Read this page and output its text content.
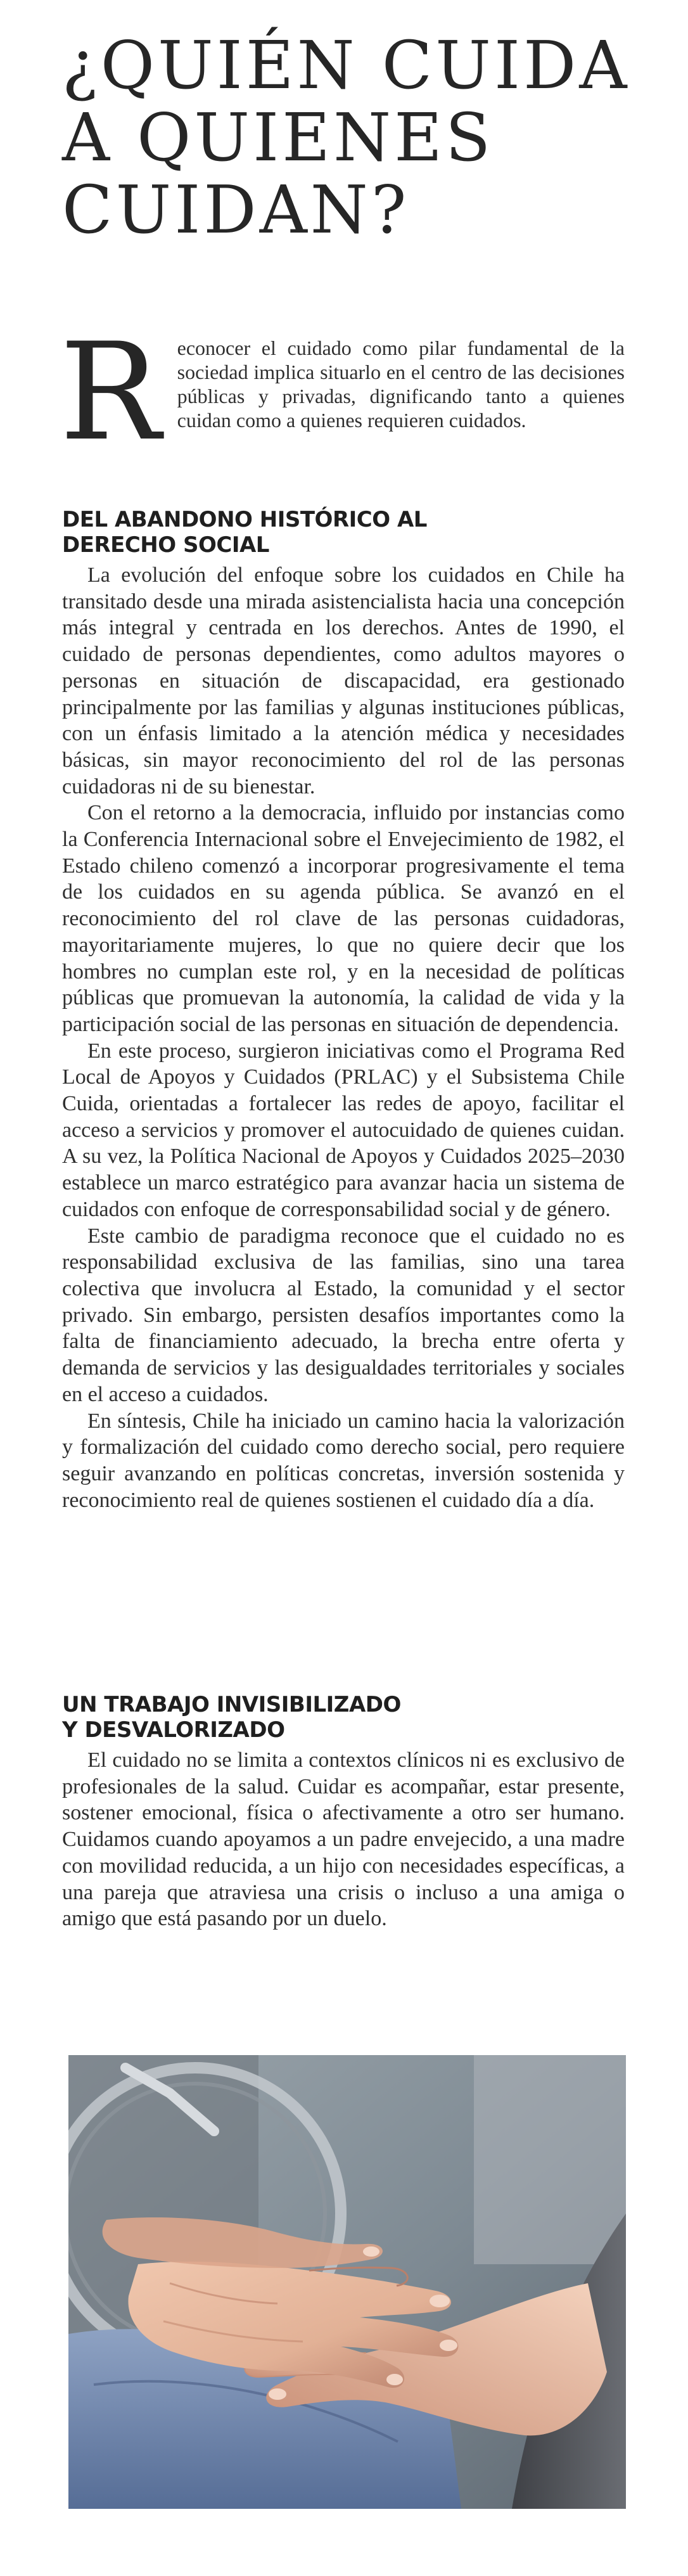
¿QUIÉN CUIDA
A QUIENES
CUIDAN?
R econocer el cuidado como pilar fundamental de la sociedad implica situarlo en el centro de las decisiones públicas y privadas, dignificando tanto a quienes cuidan como a quienes requieren cuidados.
DEL ABANDONO HISTÓRICO AL
DERECHO SOCIAL

La evolución del enfoque sobre los cuidados en Chile ha transitado desde una mirada asistencialista hacia una concepción más integral y centrada en los derechos. Antes de 1990, el cuidado de personas dependientes, como adultos mayores o personas en situación de discapacidad, era gestionado principalmente por las familias y algunas instituciones públicas, con un énfasis limitado a la atención médica y necesidades básicas, sin mayor reconocimiento del rol de las personas cuidadoras ni de su bienestar.

Con el retorno a la democracia, influido por instancias como la Conferencia Internacional sobre el Envejecimiento de 1982, el Estado chileno comenzó a incorporar progresivamente el tema de los cuidados en su agenda pública. Se avanzó en el reconocimiento del rol clave de las personas cuidadoras, mayoritariamente mujeres, lo que no quiere decir que los hombres no cumplan este rol, y en la necesidad de políticas públicas que promuevan la autonomía, la calidad de vida y la participación social de las personas en situación de dependencia.

En este proceso, surgieron iniciativas como el Programa Red Local de Apoyos y Cuidados (PRLAC) y el Subsistema Chile Cuida, orientadas a fortalecer las redes de apoyo, facilitar el acceso a servicios y promover el autocuidado de quienes cuidan. A su vez, la Política Nacional de Apoyos y Cuidados 2025–2030 establece un marco estratégico para avanzar hacia un sistema de cuidados con enfoque de corresponsabilidad social y de género.

Este cambio de paradigma reconoce que el cuidado no es responsabilidad exclusiva de las familias, sino una tarea colectiva que involucra al Estado, la comunidad y el sector privado. Sin embargo, persisten desafíos importantes como la falta de financiamiento adecuado, la brecha entre oferta y demanda de servicios y las desigualdades territoriales y sociales en el acceso a cuidados.

En síntesis, Chile ha iniciado un camino hacia la valorización y formalización del cuidado como derecho social, pero requiere seguir avanzando en políticas concretas, inversión sostenida y reconocimiento real de quienes sostienen el cuidado día a día.

UN TRABAJO INVISIBILIZADO
Y DESVALORIZADO

El cuidado no se limita a contextos clínicos ni es exclusivo de profesionales de la salud. Cuidar es acompañar, estar presente, sostener emocional, física o afectivamente a otro ser humano. Cuidamos cuando apoyamos a un padre envejecido, a una madre con movilidad reducida, a un hijo con necesidades específicas, a una pareja que atraviesa una crisis o incluso a una amiga o amigo que está pasando por un duelo.
